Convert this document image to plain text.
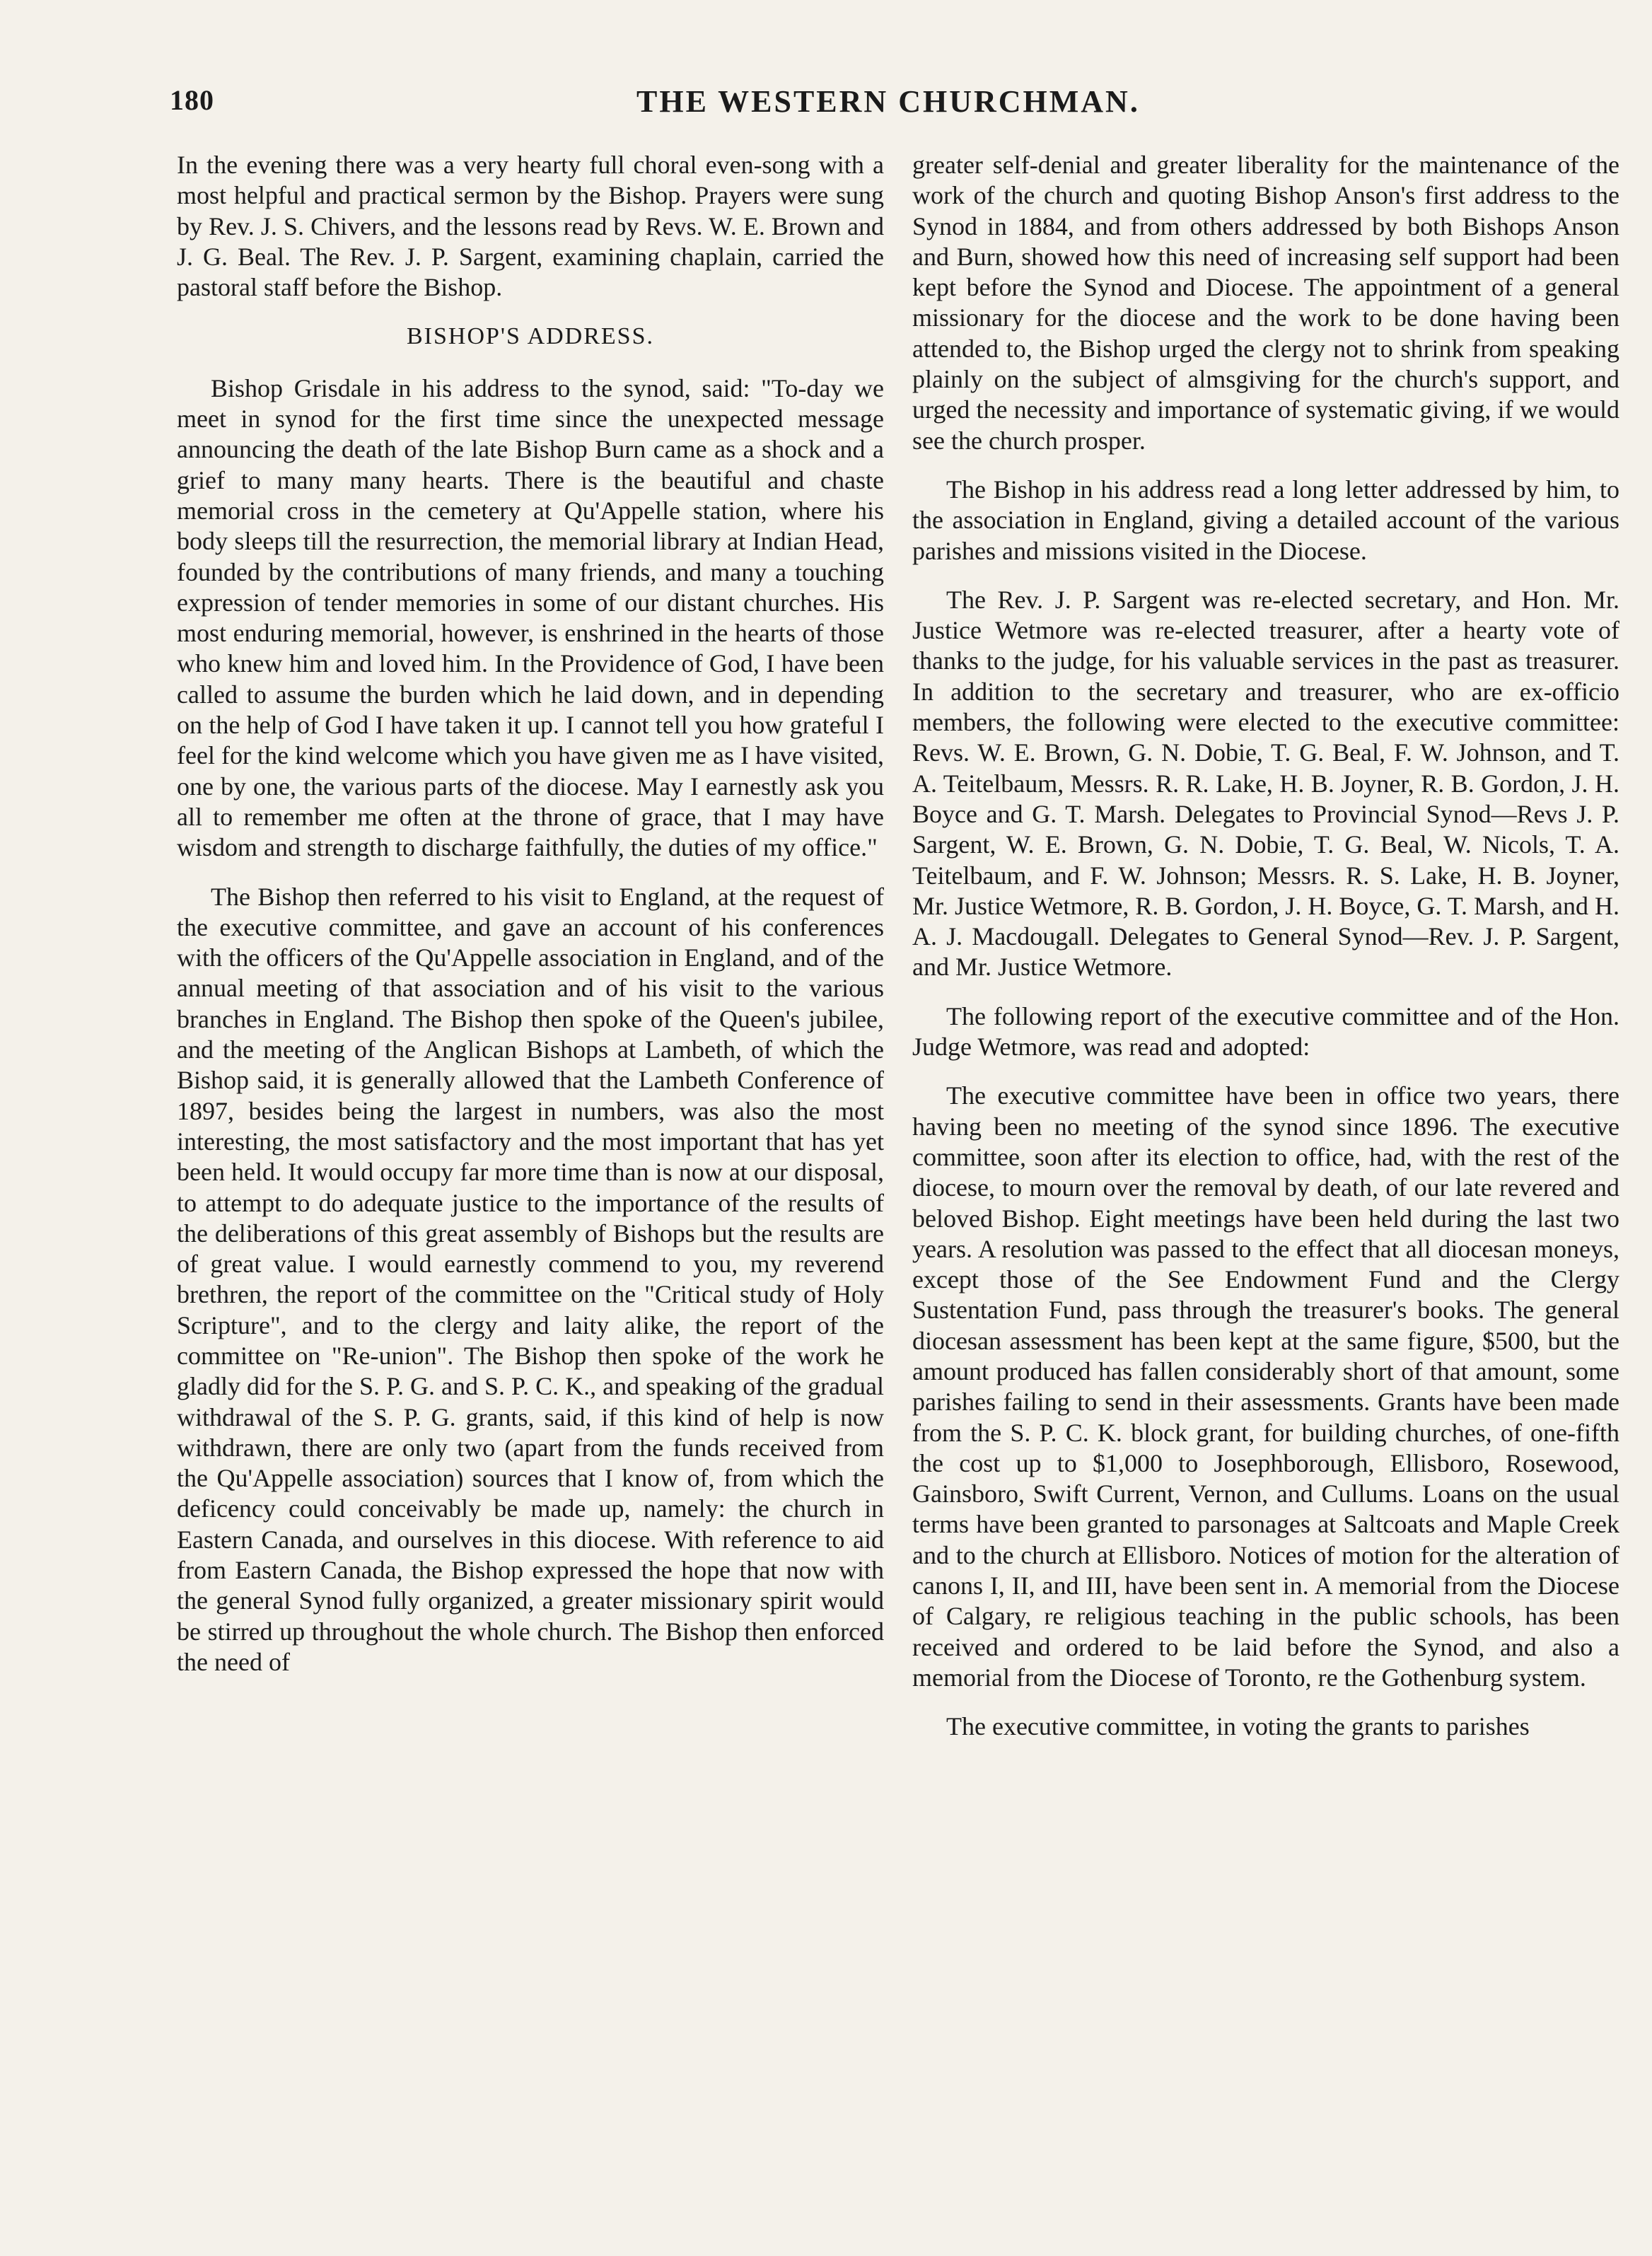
180	THE WESTERN CHURCHMAN.

In the evening there was a very hearty full choral even-song with a most helpful and practical sermon by the Bishop. Prayers were sung by Rev. J. S. Chivers, and the lessons read by Revs. W. E. Brown and J. G. Beal. The Rev. J. P. Sargent, examining chaplain, carried the pastoral staff before the Bishop.

BISHOP'S ADDRESS.

Bishop Grisdale in his address to the synod, said: "To-day we meet in synod for the first time since the unexpected message announcing the death of the late Bishop Burn came as a shock and a grief to many many hearts. There is the beautiful and chaste memorial cross in the cemetery at Qu'Appelle station, where his body sleeps till the resurrection, the memorial library at Indian Head, founded by the contributions of many friends, and many a touching expression of tender memories in some of our distant churches. His most enduring memorial, however, is enshrined in the hearts of those who knew him and loved him. In the Providence of God, I have been called to assume the burden which he laid down, and in depending on the help of God I have taken it up. I cannot tell you how grateful I feel for the kind welcome which you have given me as I have visited, one by one, the various parts of the diocese. May I earnestly ask you all to remember me often at the throne of grace, that I may have wisdom and strength to discharge faithfully, the duties of my office."

The Bishop then referred to his visit to England, at the request of the executive committee, and gave an account of his conferences with the officers of the Qu'Appelle association in England, and of the annual meeting of that association and of his visit to the various branches in England. The Bishop then spoke of the Queen's jubilee, and the meeting of the Anglican Bishops at Lambeth, of which the Bishop said, it is generally allowed that the Lambeth Conference of 1897, besides being the largest in numbers, was also the most interesting, the most satisfactory and the most important that has yet been held. It would occupy far more time than is now at our disposal, to attempt to do adequate justice to the importance of the results of the deliberations of this great assembly of Bishops but the results are of great value. I would earnestly commend to you, my reverend brethren, the report of the committee on the "Critical study of Holy Scripture", and to the clergy and laity alike, the report of the committee on "Re-union". The Bishop then spoke of the work he gladly did for the S. P. G. and S. P. C. K., and speaking of the gradual withdrawal of the S. P. G. grants, said, if this kind of help is now withdrawn, there are only two (apart from the funds received from the Qu'Appelle association) sources that I know of, from which the deficency could conceivably be made up, namely: the church in Eastern Canada, and ourselves in this diocese. With reference to aid from Eastern Canada, the Bishop expressed the hope that now with the general Synod fully organized, a greater missionary spirit would be stirred up throughout the whole church. The Bishop then enforced the need of

greater self-denial and greater liberality for the maintenance of the work of the church and quoting Bishop Anson's first address to the Synod in 1884, and from others addressed by both Bishops Anson and Burn, showed how this need of increasing self support had been kept before the Synod and Diocese. The appointment of a general missionary for the diocese and the work to be done having been attended to, the Bishop urged the clergy not to shrink from speaking plainly on the subject of almsgiving for the church's support, and urged the necessity and importance of systematic giving, if we would see the church prosper.

The Bishop in his address read a long letter addressed by him, to the association in England, giving a detailed account of the various parishes and missions visited in the Diocese.

The Rev. J. P. Sargent was re-elected secretary, and Hon. Mr. Justice Wetmore was re-elected treasurer, after a hearty vote of thanks to the judge, for his valuable services in the past as treasurer. In addition to the secretary and treasurer, who are ex-officio members, the following were elected to the executive committee: Revs. W. E. Brown, G. N. Dobie, T. G. Beal, F. W. Johnson, and T. A. Teitelbaum, Messrs. R. R. Lake, H. B. Joyner, R. B. Gordon, J. H. Boyce and G. T. Marsh. Delegates to Provincial Synod—Revs J. P. Sargent, W. E. Brown, G. N. Dobie, T. G. Beal, W. Nicols, T. A. Teitelbaum, and F. W. Johnson; Messrs. R. S. Lake, H. B. Joyner, Mr. Justice Wetmore, R. B. Gordon, J. H. Boyce, G. T. Marsh, and H. A. J. Macdougall. Delegates to General Synod—Rev. J. P. Sargent, and Mr. Justice Wetmore.

The following report of the executive committee and of the Hon. Judge Wetmore, was read and adopted:

The executive committee have been in office two years, there having been no meeting of the synod since 1896. The executive committee, soon after its election to office, had, with the rest of the diocese, to mourn over the removal by death, of our late revered and beloved Bishop. Eight meetings have been held during the last two years. A resolution was passed to the effect that all diocesan moneys, except those of the See Endowment Fund and the Clergy Sustentation Fund, pass through the treasurer's books. The general diocesan assessment has been kept at the same figure, $500, but the amount produced has fallen considerably short of that amount, some parishes failing to send in their assessments. Grants have been made from the S. P. C. K. block grant, for building churches, of one-fifth the cost up to $1,000 to Josephborough, Ellisboro, Rosewood, Gainsboro, Swift Current, Vernon, and Cullums. Loans on the usual terms have been granted to parsonages at Saltcoats and Maple Creek and to the church at Ellisboro. Notices of motion for the alteration of canons I, II, and III, have been sent in. A memorial from the Diocese of Calgary, re religious teaching in the public schools, has been received and ordered to be laid before the Synod, and also a memorial from the Diocese of Toronto, re the Gothenburg system.

The executive committee, in voting the grants to parishes
